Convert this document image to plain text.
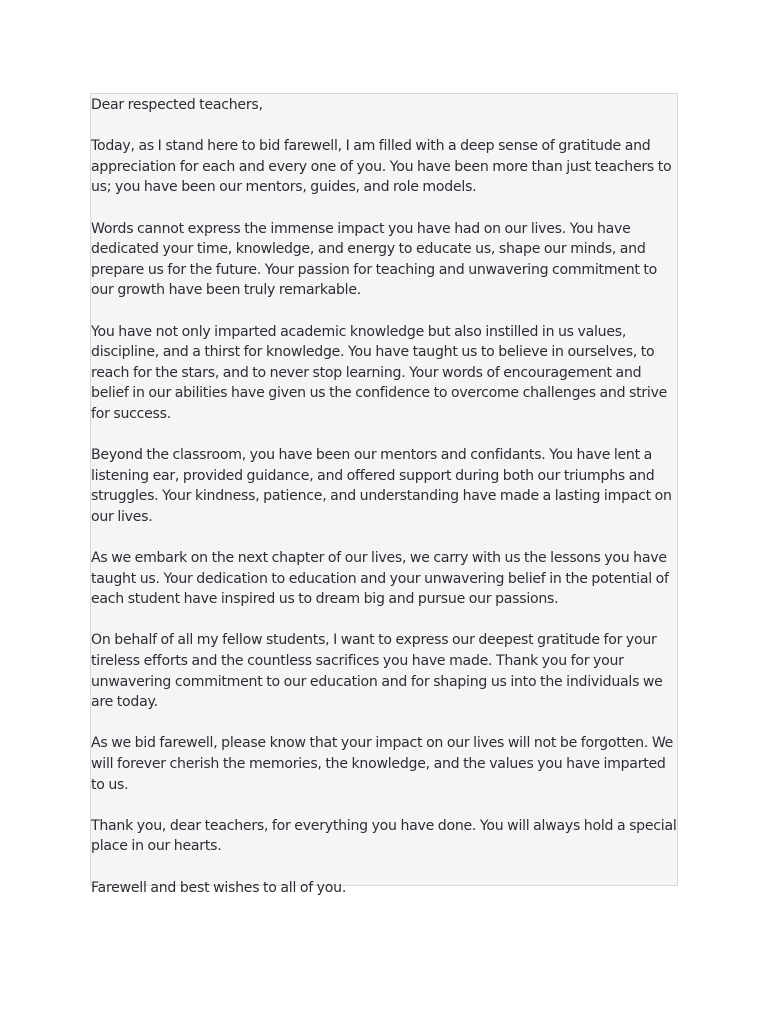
Dear respected teachers,

Today, as I stand here to bid farewell, I am filled with a deep sense of gratitude and appreciation for each and every one of you. You have been more than just teachers to us; you have been our mentors, guides, and role models.

Words cannot express the immense impact you have had on our lives. You have dedicated your time, knowledge, and energy to educate us, shape our minds, and prepare us for the future. Your passion for teaching and unwavering commitment to our growth have been truly remarkable.

You have not only imparted academic knowledge but also instilled in us values, discipline, and a thirst for knowledge. You have taught us to believe in ourselves, to reach for the stars, and to never stop learning. Your words of encouragement and belief in our abilities have given us the confidence to overcome challenges and strive for success.

Beyond the classroom, you have been our mentors and confidants. You have lent a listening ear, provided guidance, and offered support during both our triumphs and struggles. Your kindness, patience, and understanding have made a lasting impact on our lives.

As we embark on the next chapter of our lives, we carry with us the lessons you have taught us. Your dedication to education and your unwavering belief in the potential of each student have inspired us to dream big and pursue our passions.

On behalf of all my fellow students, I want to express our deepest gratitude for your tireless efforts and the countless sacrifices you have made. Thank you for your unwavering commitment to our education and for shaping us into the individuals we are today.

As we bid farewell, please know that your impact on our lives will not be forgotten. We will forever cherish the memories, the knowledge, and the values you have imparted to us.

Thank you, dear teachers, for everything you have done. You will always hold a special place in our hearts.

Farewell and best wishes to all of you.
